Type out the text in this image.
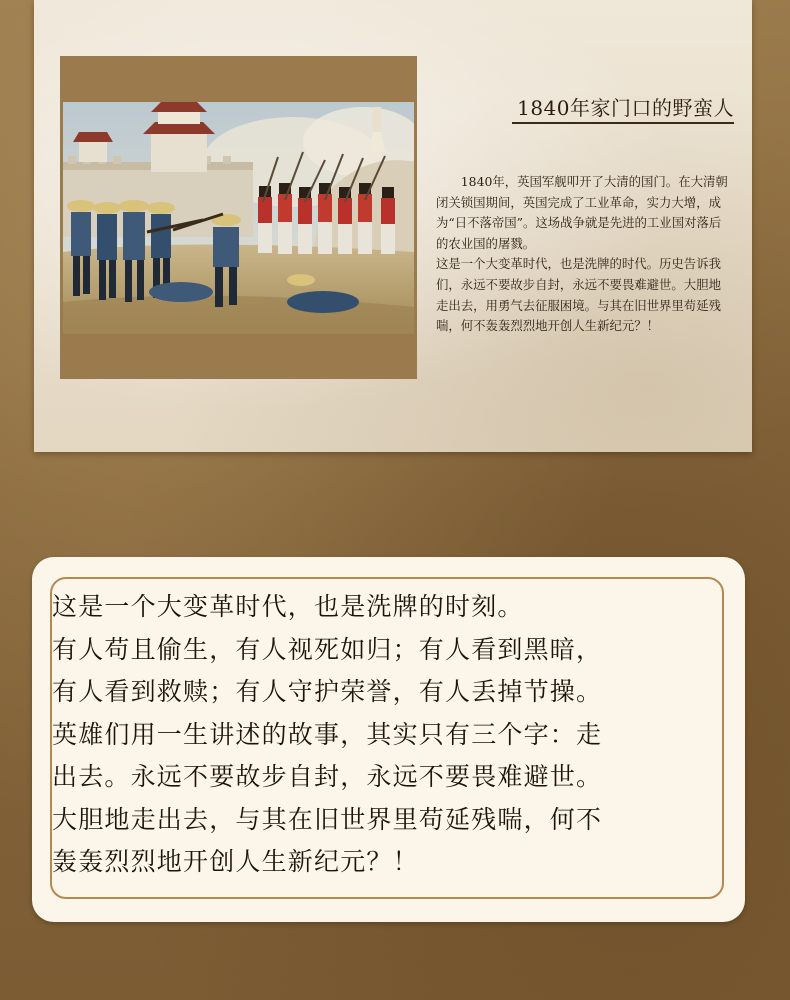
1840年家门口的野蛮人

1840年，英国军舰叩开了大清的国门。在大清朝闭关锁国期间，英国完成了工业革命，实力大增，成为“日不落帝国”。这场战争就是先进的工业国对落后的农业国的屠戮。

这是一个大变革时代，也是洗牌的时代。历史告诉我们，永远不要故步自封，永远不要畏难避世。大胆地走出去，用勇气去征服困境。与其在旧世界里苟延残喘，何不轰轰烈烈地开创人生新纪元？！

这是一个大变革时代，也是洗牌的时刻。
有人苟且偷生，有人视死如归；有人看到黑暗，
有人看到救赎；有人守护荣誉，有人丢掉节操。
英雄们用一生讲述的故事，其实只有三个字：走
出去。永远不要故步自封，永远不要畏难避世。
大胆地走出去，与其在旧世界里苟延残喘，何不
轰轰烈烈地开创人生新纪元？！
